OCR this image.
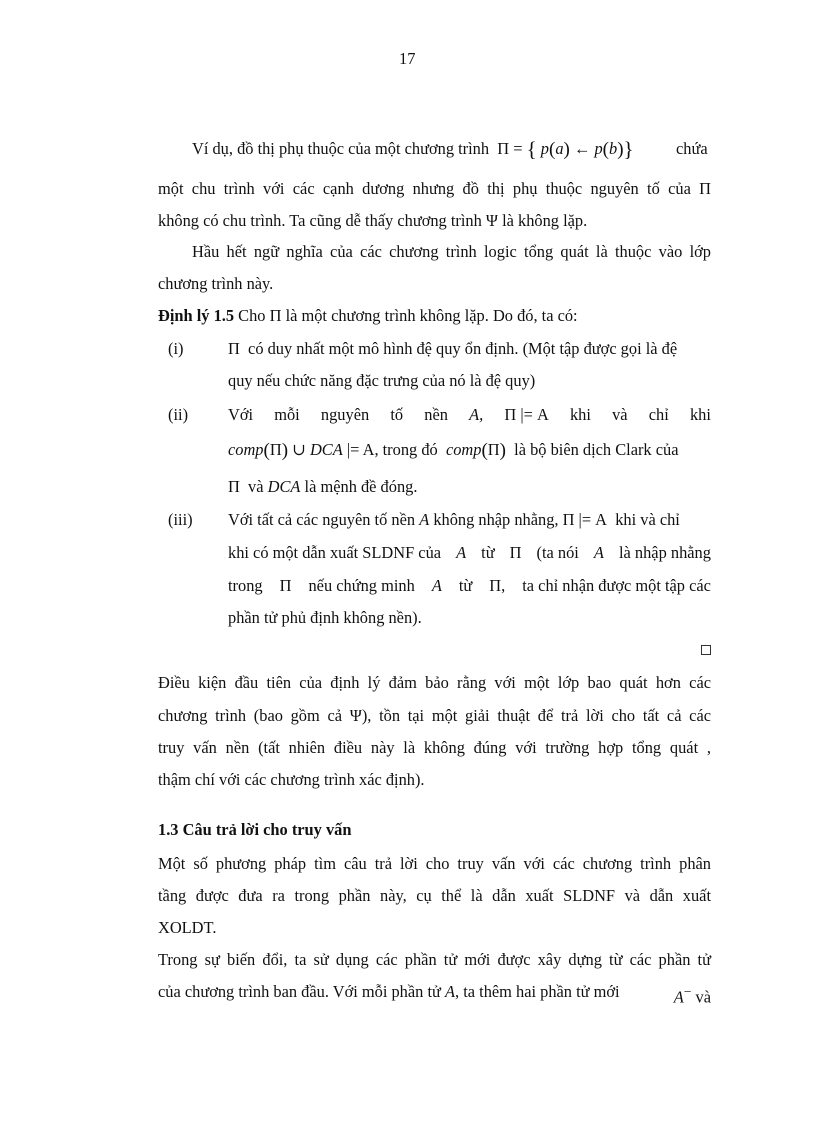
17
Ví dụ, đồ thị phụ thuộc của một chương trình Π = { p(a) ← p(b)}	chứa
một chu trình với các cạnh dương nhưng đồ thị phụ thuộc nguyên tố của Π
không có chu trình. Ta cũng dễ thấy chương trình Ψ là không lặp.
Hầu hết ngữ nghĩa của các chương trình logic tổng quát là thuộc vào lớp
chương trình này.
Định lý 1.5 Cho Π là một chương trình không lặp. Do đó, ta có:
(i)	Π có duy nhất một mô hình đệ quy ổn định. (Một tập được gọi là đệ
quy nếu chức năng đặc trưng của nó là đệ quy)
(ii) Với mỗi nguyên tố nền A, Π |= A khi và chỉ khi
comp(Π) ∪ DCA |= A, trong đó comp(Π) là bộ biên dịch Clark của
Π và DCA là mệnh đề đóng.
(iii) Với tất cả các nguyên tố nền A không nhập nhằng, Π |= A khi và chỉ
khi có một dẫn xuất SLDNF của A từ Π (ta nói A là nhập nhằng
trong Π nếu chứng minh A từ Π, ta chỉ nhận được một tập các
phần tử phủ định không nền).
Điều kiện đầu tiên của định lý đảm bảo rằng với một lớp bao quát hơn các
chương trình (bao gồm cả Ψ), tồn tại một giải thuật để trả lời cho tất cả các
truy vấn nền (tất nhiên điều này là không đúng với trường hợp tổng quát ,
thậm chí với các chương trình xác định).
1.3 Câu trả lời cho truy vấn
Một số phương pháp tìm câu trả lời cho truy vấn với các chương trình phân
tầng được đưa ra trong phần này, cụ thể là dẫn xuất SLDNF và dẫn xuất
XOLDT.
Trong sự biến đổi, ta sử dụng các phần tử mới được xây dựng từ các phần tử
của chương trình ban đầu. Với mỗi phần tử A, ta thêm hai phần tử mới	A− và
